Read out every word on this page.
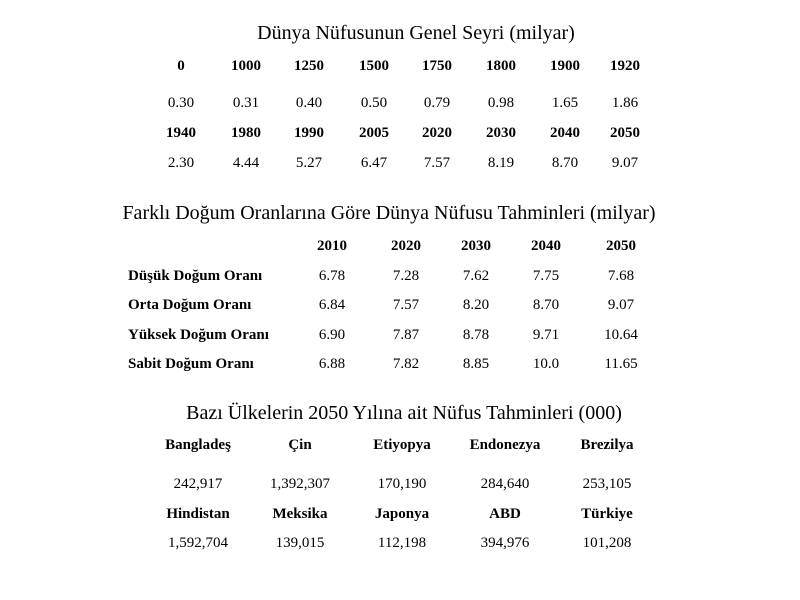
Dünya Nüfusunun Genel Seyri (milyar)
0	1000	1250	1500	1750	1800	1900	1920
0.30	0.31	0.40	0.50	0.79	0.98	1.65	1.86
1940	1980	1990	2005	2020	2030	2040	2050
2.30	4.44	5.27	6.47	7.57	8.19	8.70	9.07
Farklı Doğum Oranlarına Göre Dünya Nüfusu Tahminleri (milyar)
2010	2020	2030	2040	2050
Düşük Doğum Oranı	6.78	7.28	7.62	7.75	7.68
Orta Doğum Oranı	6.84	7.57	8.20	8.70	9.07
Yüksek Doğum Oranı	6.90	7.87	8.78	9.71	10.64
Sabit Doğum Oranı	6.88	7.82	8.85	10.0	11.65
Bazı Ülkelerin 2050 Yılına ait Nüfus Tahminleri (000)
Bangladeş	Çin	Etiyopya	Endonezya	Brezilya
242,917	1,392,307	170,190	284,640	253,105
Hindistan	Meksika	Japonya	ABD	Türkiye
1,592,704	139,015	112,198	394,976	101,208
